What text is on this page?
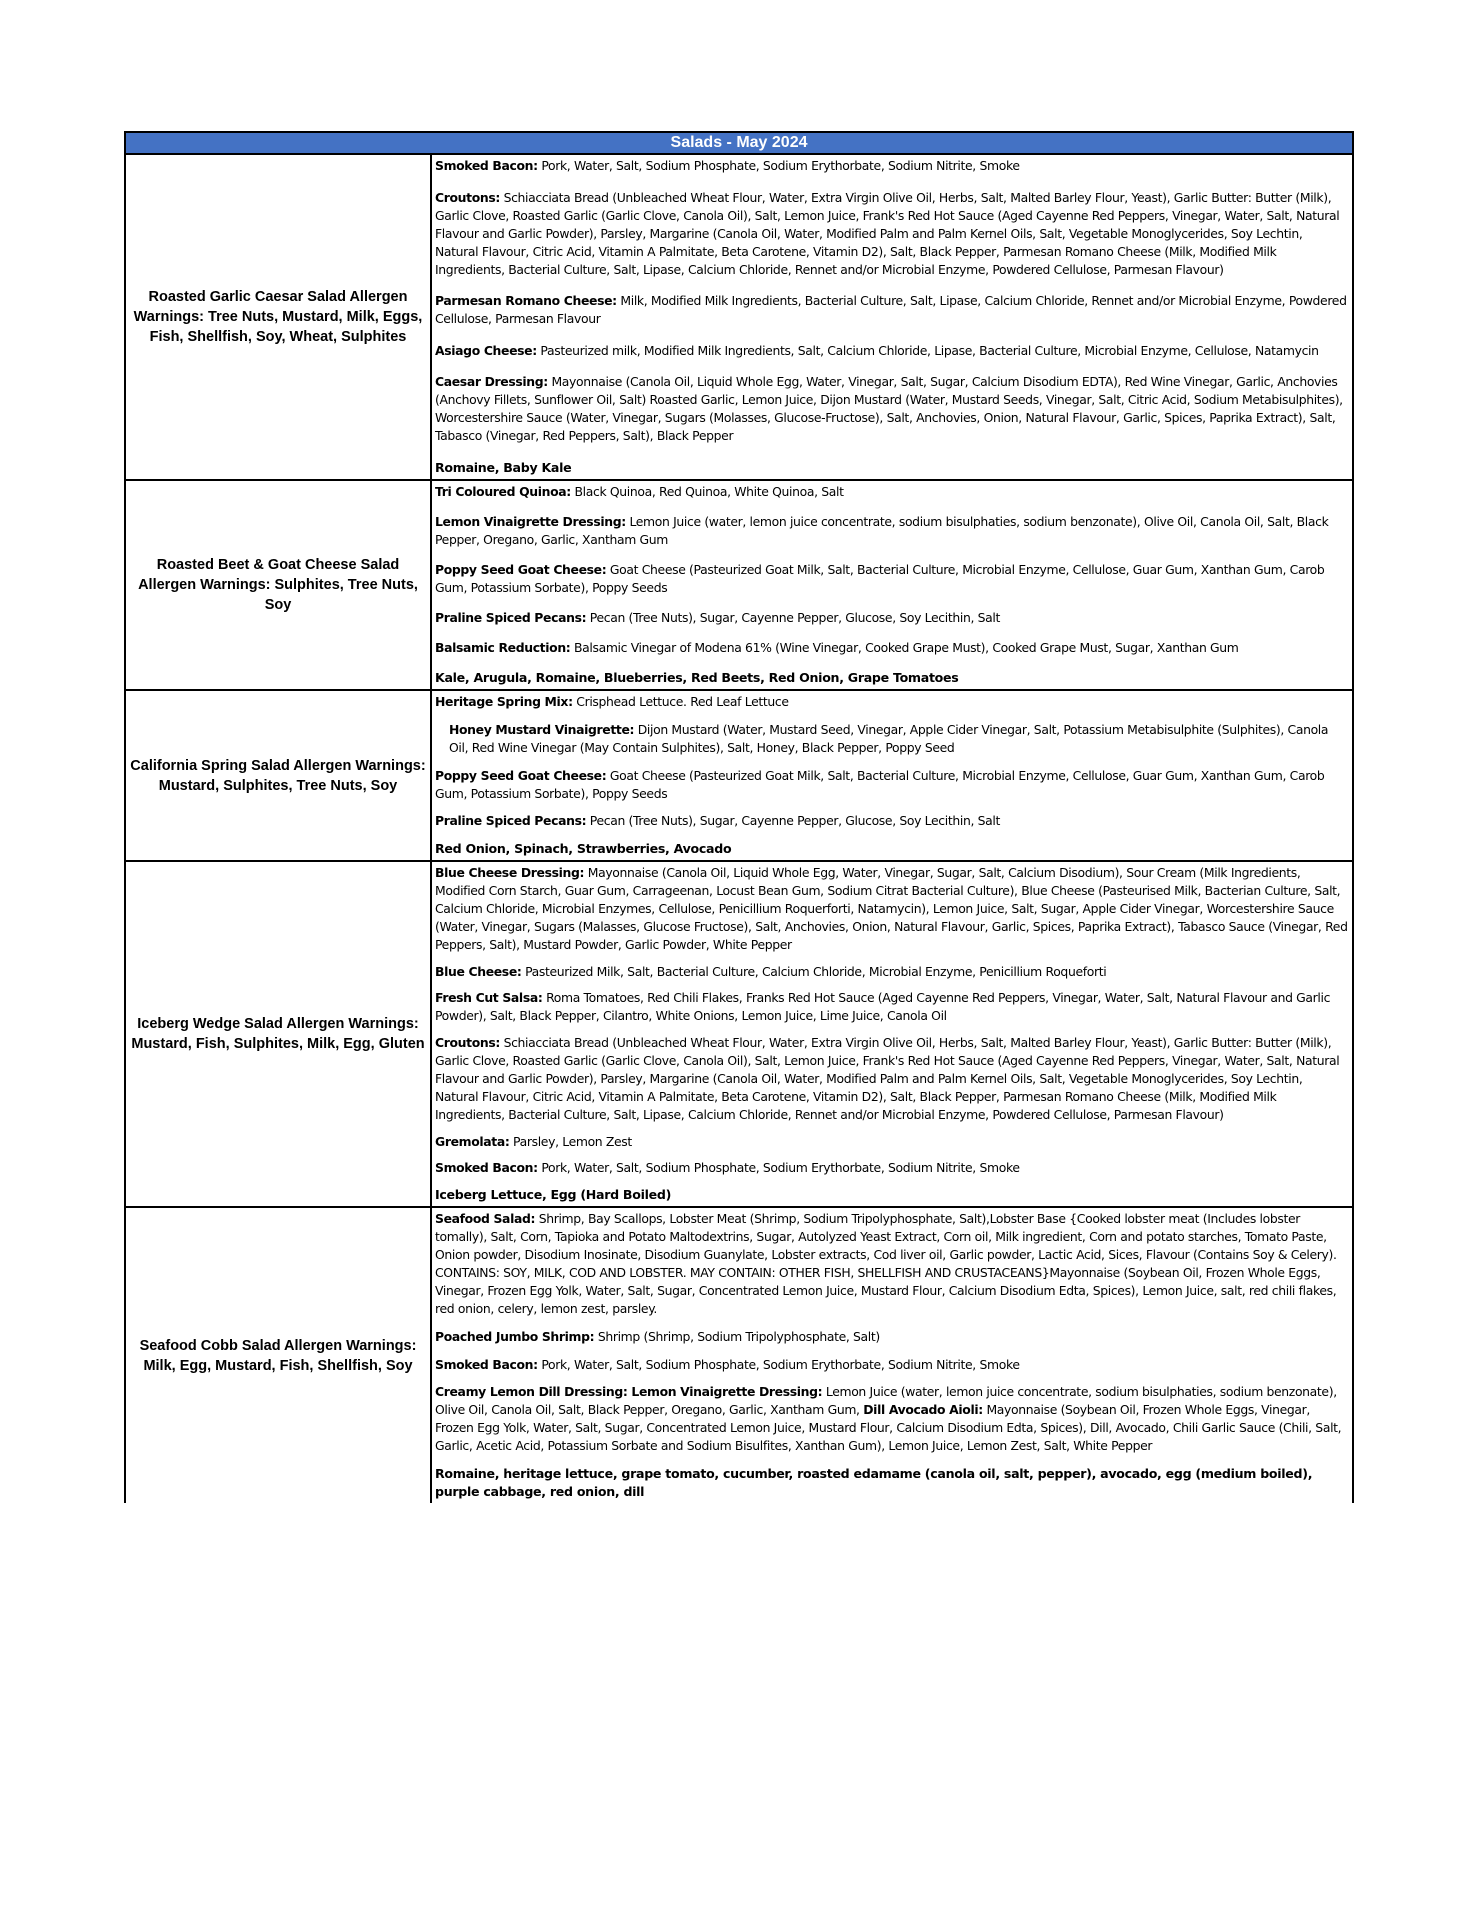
Salads - May 2024
Roasted Garlic Caesar Salad Allergen Warnings: Tree Nuts, Mustard, Milk, Eggs, Fish, Shellfish, Soy, Wheat, Sulphites

Smoked Bacon: Pork, Water, Salt, Sodium Phosphate, Sodium Erythorbate, Sodium Nitrite, Smoke

Croutons: Schiacciata Bread (Unbleached Wheat Flour, Water, Extra Virgin Olive Oil, Herbs, Salt, Malted Barley Flour, Yeast), Garlic Butter: Butter (Milk), Garlic Clove, Roasted Garlic (Garlic Clove, Canola Oil), Salt, Lemon Juice, Frank's Red Hot Sauce (Aged Cayenne Red Peppers, Vinegar, Water, Salt, Natural Flavour and Garlic Powder), Parsley, Margarine (Canola Oil, Water, Modified Palm and Palm Kernel Oils, Salt, Vegetable Monoglycerides, Soy Lechtin, Natural Flavour, Citric Acid, Vitamin A Palmitate, Beta Carotene, Vitamin D2), Salt, Black Pepper, Parmesan Romano Cheese (Milk, Modified Milk Ingredients, Bacterial Culture, Salt, Lipase, Calcium Chloride, Rennet and/or Microbial Enzyme, Powdered Cellulose, Parmesan Flavour)

Parmesan Romano Cheese: Milk, Modified Milk Ingredients, Bacterial Culture, Salt, Lipase, Calcium Chloride, Rennet and/or Microbial Enzyme, Powdered Cellulose, Parmesan Flavour

Asiago Cheese: Pasteurized milk, Modified Milk Ingredients, Salt, Calcium Chloride, Lipase, Bacterial Culture, Microbial Enzyme, Cellulose, Natamycin

Caesar Dressing: Mayonnaise (Canola Oil, Liquid Whole Egg, Water, Vinegar, Salt, Sugar, Calcium Disodium EDTA), Red Wine Vinegar, Garlic, Anchovies (Anchovy Fillets, Sunflower Oil, Salt) Roasted Garlic, Lemon Juice, Dijon Mustard (Water, Mustard Seeds, Vinegar, Salt, Citric Acid, Sodium Metabisulphites), Worcestershire Sauce (Water, Vinegar, Sugars (Molasses, Glucose-Fructose), Salt, Anchovies, Onion, Natural Flavour, Garlic, Spices, Paprika Extract), Salt, Tabasco (Vinegar, Red Peppers, Salt), Black Pepper

Romaine, Baby Kale

Roasted Beet & Goat Cheese Salad Allergen Warnings: Sulphites, Tree Nuts, Soy

Tri Coloured Quinoa: Black Quinoa, Red Quinoa, White Quinoa, Salt

Lemon Vinaigrette Dressing: Lemon Juice (water, lemon juice concentrate, sodium bisulphaties, sodium benzonate), Olive Oil, Canola Oil, Salt, Black Pepper, Oregano, Garlic, Xantham Gum

Poppy Seed Goat Cheese: Goat Cheese (Pasteurized Goat Milk, Salt, Bacterial Culture, Microbial Enzyme, Cellulose, Guar Gum, Xanthan Gum, Carob Gum, Potassium Sorbate), Poppy Seeds

Praline Spiced Pecans: Pecan (Tree Nuts), Sugar, Cayenne Pepper, Glucose, Soy Lecithin, Salt

Balsamic Reduction: Balsamic Vinegar of Modena 61% (Wine Vinegar, Cooked Grape Must), Cooked Grape Must, Sugar, Xanthan Gum

Kale, Arugula, Romaine, Blueberries, Red Beets, Red Onion, Grape Tomatoes

California Spring Salad Allergen Warnings: Mustard, Sulphites, Tree Nuts, Soy

Heritage Spring Mix: Crisphead Lettuce. Red Leaf Lettuce

Honey Mustard Vinaigrette: Dijon Mustard (Water, Mustard Seed, Vinegar, Apple Cider Vinegar, Salt, Potassium Metabisulphite (Sulphites), Canola Oil, Red Wine Vinegar (May Contain Sulphites), Salt, Honey, Black Pepper, Poppy Seed

Poppy Seed Goat Cheese: Goat Cheese (Pasteurized Goat Milk, Salt, Bacterial Culture, Microbial Enzyme, Cellulose, Guar Gum, Xanthan Gum, Carob Gum, Potassium Sorbate), Poppy Seeds

Praline Spiced Pecans: Pecan (Tree Nuts), Sugar, Cayenne Pepper, Glucose, Soy Lecithin, Salt

Red Onion, Spinach, Strawberries, Avocado

Iceberg Wedge Salad Allergen Warnings: Mustard, Fish, Sulphites, Milk, Egg, Gluten

Blue Cheese Dressing: Mayonnaise (Canola Oil, Liquid Whole Egg, Water, Vinegar, Sugar, Salt, Calcium Disodium), Sour Cream (Milk Ingredients, Modified Corn Starch, Guar Gum, Carrageenan, Locust Bean Gum, Sodium Citrat Bacterial Culture), Blue Cheese (Pasteurised Milk, Bacterian Culture, Salt, Calcium Chloride, Microbial Enzymes, Cellulose, Penicillium Roquerforti, Natamycin), Lemon Juice, Salt, Sugar, Apple Cider Vinegar, Worcestershire Sauce (Water, Vinegar, Sugars (Malasses, Glucose Fructose), Salt, Anchovies, Onion, Natural Flavour, Garlic, Spices, Paprika Extract), Tabasco Sauce (Vinegar, Red Peppers, Salt), Mustard Powder, Garlic Powder, White Pepper

Blue Cheese: Pasteurized Milk, Salt, Bacterial Culture, Calcium Chloride, Microbial Enzyme, Penicillium Roqueforti

Fresh Cut Salsa: Roma Tomatoes, Red Chili Flakes, Franks Red Hot Sauce (Aged Cayenne Red Peppers, Vinegar, Water, Salt, Natural Flavour and Garlic Powder), Salt, Black Pepper, Cilantro, White Onions, Lemon Juice, Lime Juice, Canola Oil

Croutons: Schiacciata Bread (Unbleached Wheat Flour, Water, Extra Virgin Olive Oil, Herbs, Salt, Malted Barley Flour, Yeast), Garlic Butter: Butter (Milk), Garlic Clove, Roasted Garlic (Garlic Clove, Canola Oil), Salt, Lemon Juice, Frank's Red Hot Sauce (Aged Cayenne Red Peppers, Vinegar, Water, Salt, Natural Flavour and Garlic Powder), Parsley, Margarine (Canola Oil, Water, Modified Palm and Palm Kernel Oils, Salt, Vegetable Monoglycerides, Soy Lechtin, Natural Flavour, Citric Acid, Vitamin A Palmitate, Beta Carotene, Vitamin D2), Salt, Black Pepper, Parmesan Romano Cheese (Milk, Modified Milk Ingredients, Bacterial Culture, Salt, Lipase, Calcium Chloride, Rennet and/or Microbial Enzyme, Powdered Cellulose, Parmesan Flavour)

Gremolata: Parsley, Lemon Zest

Smoked Bacon: Pork, Water, Salt, Sodium Phosphate, Sodium Erythorbate, Sodium Nitrite, Smoke

Iceberg Lettuce, Egg (Hard Boiled)

Seafood Cobb Salad Allergen Warnings: Milk, Egg, Mustard, Fish, Shellfish, Soy

Seafood Salad: Shrimp, Bay Scallops, Lobster Meat (Shrimp, Sodium Tripolyphosphate, Salt),Lobster Base {Cooked lobster meat (Includes lobster tomally), Salt, Corn, Tapioka and Potato Maltodextrins, Sugar, Autolyzed Yeast Extract, Corn oil, Milk ingredient, Corn and potato starches, Tomato Paste, Onion powder, Disodium Inosinate, Disodium Guanylate, Lobster extracts, Cod liver oil, Garlic powder, Lactic Acid, Sices, Flavour (Contains Soy & Celery). CONTAINS: SOY, MILK, COD AND LOBSTER. MAY CONTAIN: OTHER FISH, SHELLFISH AND CRUSTACEANS}Mayonnaise (Soybean Oil, Frozen Whole Eggs, Vinegar, Frozen Egg Yolk, Water, Salt, Sugar, Concentrated Lemon Juice, Mustard Flour, Calcium Disodium Edta, Spices), Lemon Juice, salt, red chili flakes, red onion, celery, lemon zest, parsley.

Poached Jumbo Shrimp: Shrimp (Shrimp, Sodium Tripolyphosphate, Salt)

Smoked Bacon: Pork, Water, Salt, Sodium Phosphate, Sodium Erythorbate, Sodium Nitrite, Smoke

Creamy Lemon Dill Dressing: Lemon Vinaigrette Dressing: Lemon Juice (water, lemon juice concentrate, sodium bisulphaties, sodium benzonate), Olive Oil, Canola Oil, Salt, Black Pepper, Oregano, Garlic, Xantham Gum, Dill Avocado Aioli: Mayonnaise (Soybean Oil, Frozen Whole Eggs, Vinegar, Frozen Egg Yolk, Water, Salt, Sugar, Concentrated Lemon Juice, Mustard Flour, Calcium Disodium Edta, Spices), Dill, Avocado, Chili Garlic Sauce (Chili, Salt, Garlic, Acetic Acid, Potassium Sorbate and Sodium Bisulfites, Xanthan Gum), Lemon Juice, Lemon Zest, Salt, White Pepper

Romaine, heritage lettuce, grape tomato, cucumber, roasted edamame (canola oil, salt, pepper), avocado, egg (medium boiled), purple cabbage, red onion, dill
